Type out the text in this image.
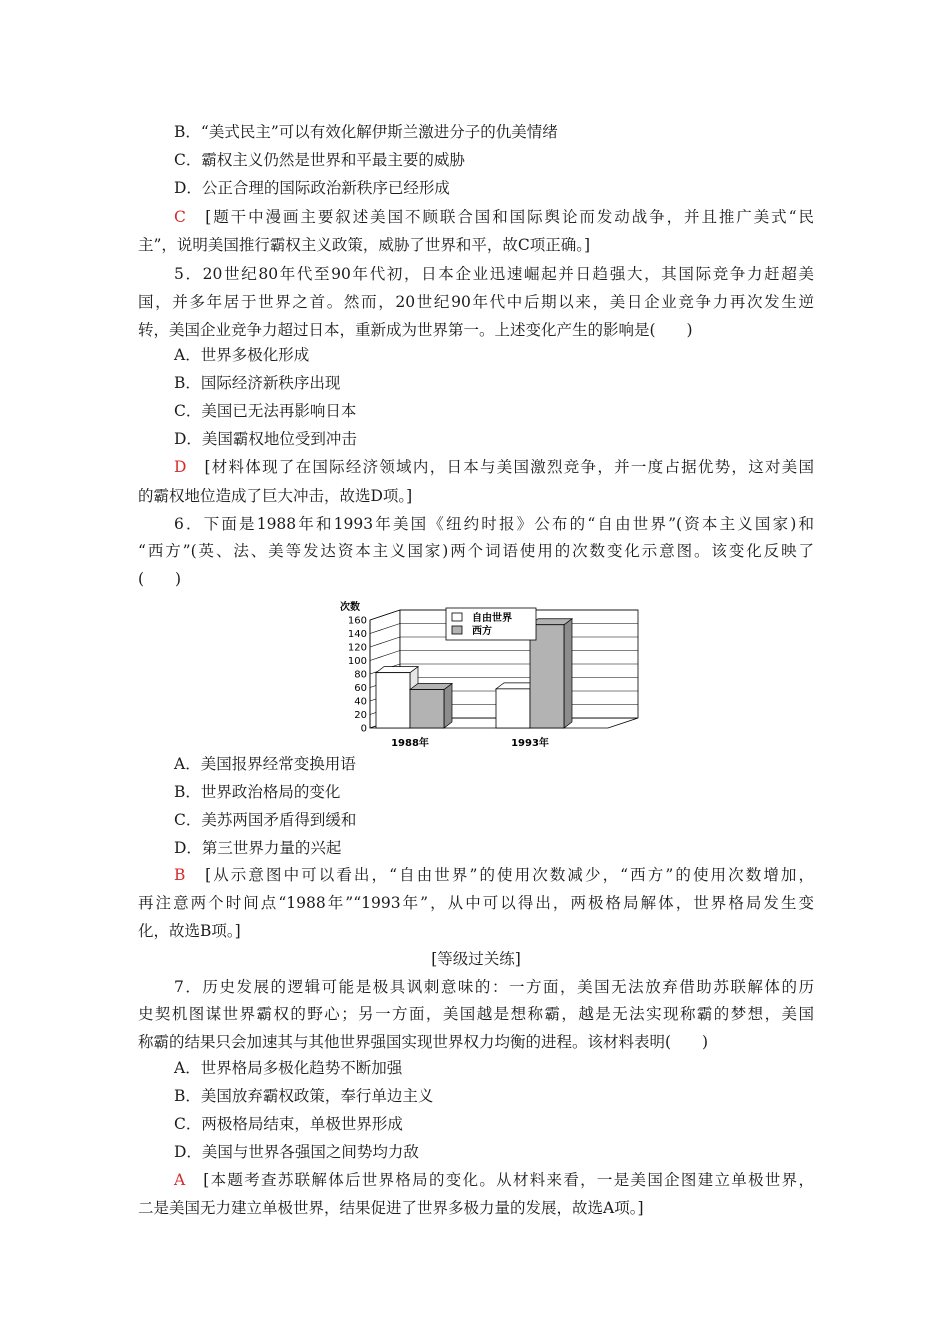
B．“美式民主”可以有效化解伊斯兰激进分子的仇美情绪
C．霸权主义仍然是世界和平最主要的威胁
D．公正合理的国际政治新秩序已经形成
C　 [题干中漫画主要叙述美国不顾联合国和国际舆论而发动战争，并且推广美式“民
主”，说明美国推行霸权主义政策，威胁了世界和平，故C项正确。]
5．20世纪80年代至90年代初，日本企业迅速崛起并日趋强大，其国际竞争力赶超美
国，并多年居于世界之首。然而，20世纪90年代中后期以来，美日企业竞争力再次发生逆
转，美国企业竞争力超过日本，重新成为世界第一。上述变化产生的影响是(　　)
A．世界多极化形成
B．国际经济新秩序出现
C．美国已无法再影响日本
D．美国霸权地位受到冲击
D　 [材料体现了在国际经济领域内，日本与美国激烈竞争，并一度占据优势，这对美国
的霸权地位造成了巨大冲击，故选D项。]
6．下面是1988年和1993年美国《纽约时报》公布的“自由世界”(资本主义国家)和
“西方”(英、法、美等发达资本主义国家)两个词语使用的次数变化示意图。该变化反映了
(　　)
0
20
40
60
80
100
120
140
160
次数
1988年	1993年
自由世界
西方
A．美国报界经常变换用语
B．世界政治格局的变化
C．美苏两国矛盾得到缓和
D．第三世界力量的兴起
B　 [从示意图中可以看出，“自由世界”的使用次数减少，“西方”的使用次数增加，
再注意两个时间点“1988年”“1993年”，从中可以得出，两极格局解体，世界格局发生变
化，故选B项。]
[等级过关练]
7．历史发展的逻辑可能是极具讽刺意味的：一方面，美国无法放弃借助苏联解体的历
史契机图谋世界霸权的野心；另一方面，美国越是想称霸，越是无法实现称霸的梦想，美国
称霸的结果只会加速其与其他世界强国实现世界权力均衡的进程。该材料表明(　　)
A．世界格局多极化趋势不断加强
B．美国放弃霸权政策，奉行单边主义
C．两极格局结束，单极世界形成
D．美国与世界各强国之间势均力敌
A　 [本题考查苏联解体后世界格局的变化。从材料来看，一是美国企图建立单极世界，
二是美国无力建立单极世界，结果促进了世界多极力量的发展，故选A项。]
